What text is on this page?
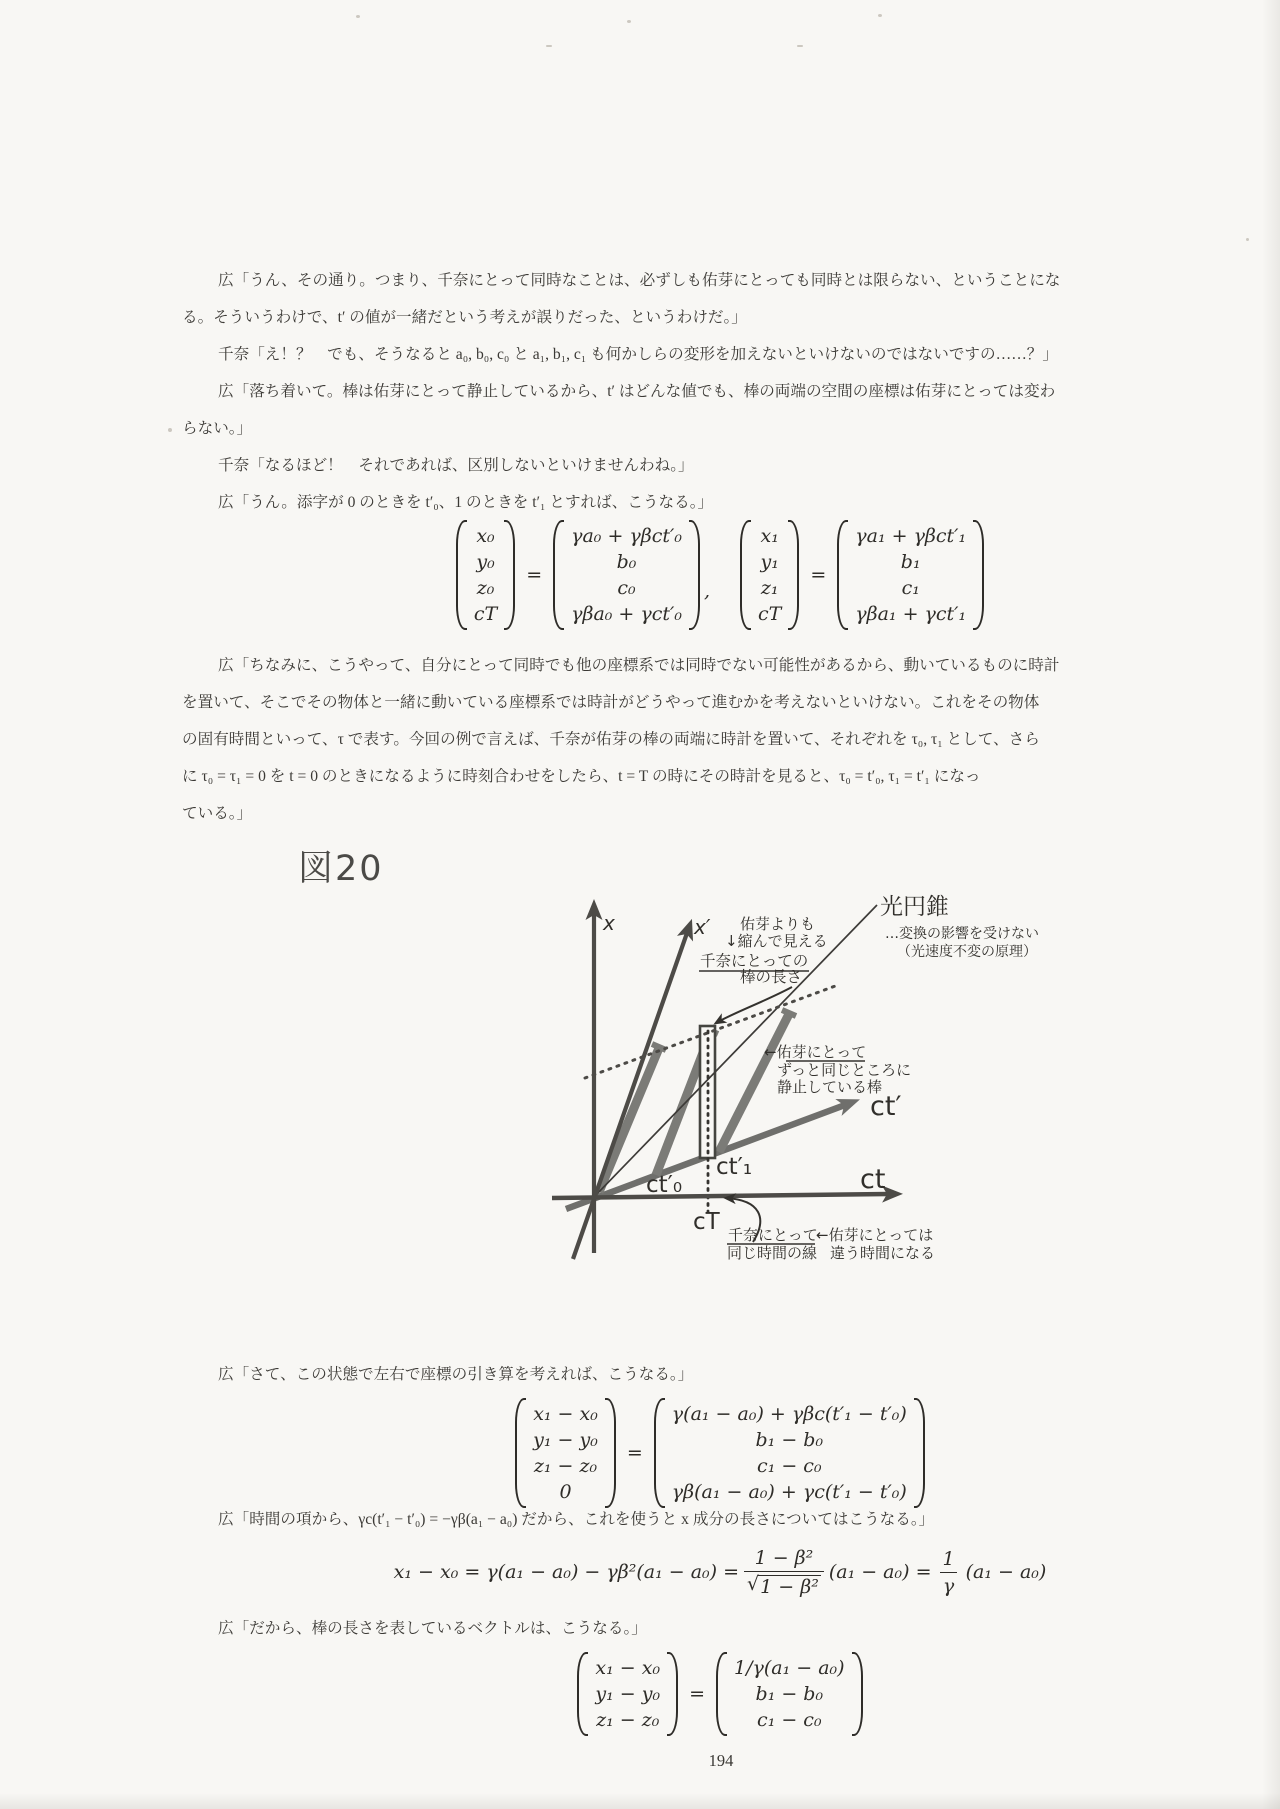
広「うん、その通り。つまり、千奈にとって同時なことは、必ずしも佑芽にとっても同時とは限らない、ということにな
る。そういうわけで、t′ の値が一緒だという考えが誤りだった、というわけだ。」
千奈「え！？　でも、そうなると a₀, b₀, c₀ と a₁, b₁, c₁ も何かしらの変形を加えないといけないのではないですの……？」
広「落ち着いて。棒は佑芽にとって静止しているから、t′ はどんな値でも、棒の両端の空間の座標は佑芽にとっては変わ
らない。」
千奈「なるほど！　それであれば、区別しないといけませんわね。」
広「うん。添字が 0 のときを t′₀、1 のときを t′₁ とすれば、こうなる。」
x₀
y₀
z₀
cT
=
γa₀ + γβct′₀
b₀
c₀
γβa₀ + γct′₀
,
x₁
y₁
z₁
cT
=
γa₁ + γβct′₁
b₁
c₁
γβa₁ + γct′₁
広「ちなみに、こうやって、自分にとって同時でも他の座標系では同時でない可能性があるから、動いているものに時計
を置いて、そこでその物体と一緒に動いている座標系では時計がどうやって進むかを考えないといけない。これをその物体
の固有時間といって、τ で表す。今回の例で言えば、千奈が佑芽の棒の両端に時計を置いて、それぞれを τ₀, τ₁ として、さら
に τ₀ = τ₁ = 0 を t = 0 のときになるように時刻合わせをしたら、t = T の時にその時計を見ると、τ₀ = t′₀, τ₁ = t′₁ になっ
ている。」
図20
x	x′
ct
ct′
ct′₀
ct′₁
cT
光円錐
…変換の影響を受けない
（光速度不変の原理）
佑芽よりも
↓縮んで見える
千奈にとっての
棒の長さ
←佑芽にとって
ずっと同じところに
静止している棒
千奈にとって
同じ時間の線
←佑芽にとっては
違う時間になる
広「さて、この状態で左右で座標の引き算を考えれば、こうなる。」
x₁ − x₀
y₁ − y₀
z₁ − z₀
0
=
γ(a₁ − a₀) + γβc(t′₁ − t′₀)
b₁ − b₀
c₁ − c₀
γβ(a₁ − a₀) + γc(t′₁ − t′₀)
広「時間の項から、γc(t′₁ − t′₀) = −γβ(a₁ − a₀) だから、これを使うと x 成分の長さについてはこうなる。」
$x_1 - x_0 = \gamma(a_1 - a_0) - \gamma\beta^2(a_1 - a_0) = \frac{\text{1 − β²}}{\text{√ 1 − β²}} (a_1 - a_0) = \frac{1}{\gamma} (a_1 - a_0)$
広「だから、棒の長さを表しているベクトルは、こうなる。」
x₁ − x₀
y₁ − y₀
z₁ − z₀
=
1/γ(a₁ − a₀)
b₁ − b₀
c₁ − c₀
194
